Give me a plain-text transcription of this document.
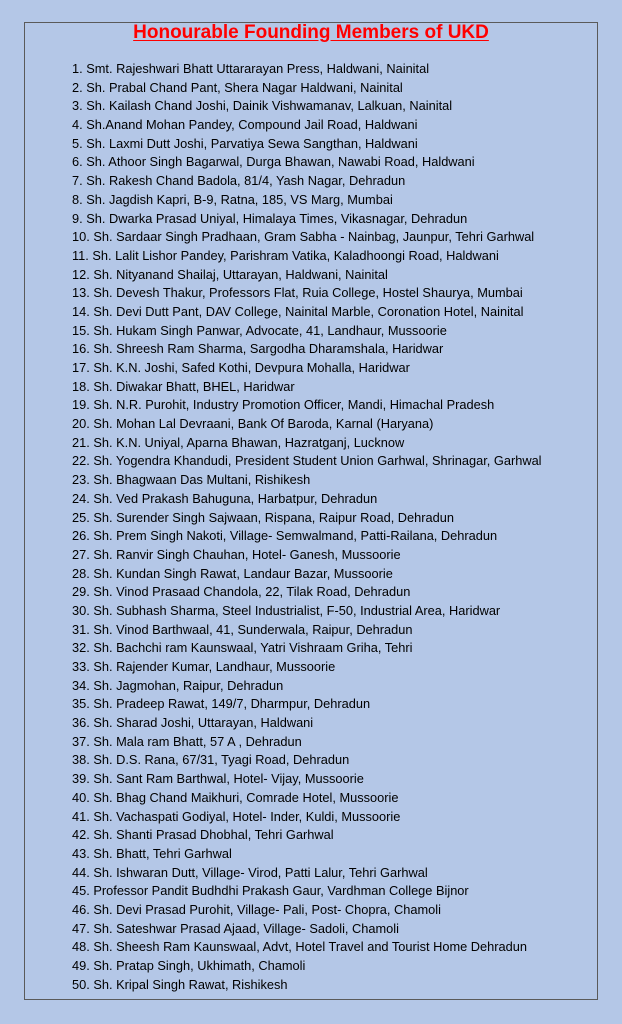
Honourable Founding Members of UKD
1. Smt. Rajeshwari Bhatt Uttararayan Press, Haldwani, Nainital
2. Sh. Prabal Chand Pant, Shera Nagar Haldwani, Nainital
3. Sh. Kailash Chand Joshi, Dainik Vishwamanav, Lalkuan, Nainital
4. Sh.Anand Mohan Pandey, Compound Jail Road, Haldwani
5. Sh. Laxmi Dutt Joshi, Parvatiya Sewa Sangthan, Haldwani
6. Sh. Athoor Singh Bagarwal, Durga Bhawan, Nawabi Road, Haldwani
7. Sh. Rakesh Chand Badola, 81/4, Yash Nagar, Dehradun
8. Sh. Jagdish Kapri, B-9, Ratna, 185, VS Marg, Mumbai
9. Sh. Dwarka Prasad Uniyal, Himalaya Times, Vikasnagar, Dehradun
10. Sh. Sardaar Singh Pradhaan, Gram Sabha - Nainbag, Jaunpur, Tehri Garhwal
11. Sh. Lalit Lishor Pandey, Parishram Vatika, Kaladhoongi Road, Haldwani
12. Sh. Nityanand Shailaj, Uttarayan, Haldwani, Nainital
13. Sh. Devesh Thakur, Professors Flat, Ruia College, Hostel Shaurya, Mumbai
14. Sh. Devi Dutt Pant, DAV College, Nainital Marble, Coronation Hotel, Nainital
15. Sh. Hukam Singh Panwar, Advocate, 41, Landhaur, Mussoorie
16. Sh. Shreesh Ram Sharma, Sargodha Dharamshala, Haridwar
17. Sh. K.N. Joshi, Safed Kothi, Devpura Mohalla, Haridwar
18. Sh. Diwakar Bhatt, BHEL, Haridwar
19. Sh. N.R. Purohit, Industry Promotion Officer, Mandi, Himachal Pradesh
20. Sh. Mohan Lal Devraani, Bank Of Baroda, Karnal (Haryana)
21. Sh. K.N. Uniyal, Aparna Bhawan, Hazratganj, Lucknow
22. Sh. Yogendra Khandudi, President Student Union Garhwal, Shrinagar, Garhwal
23. Sh. Bhagwaan Das Multani, Rishikesh
24. Sh. Ved Prakash Bahuguna, Harbatpur, Dehradun
25. Sh. Surender Singh Sajwaan, Rispana, Raipur Road, Dehradun
26. Sh. Prem Singh Nakoti, Village- Semwalmand, Patti-Railana, Dehradun
27. Sh. Ranvir Singh Chauhan, Hotel- Ganesh, Mussoorie
28. Sh. Kundan Singh Rawat, Landaur Bazar, Mussoorie
29. Sh. Vinod Prasaad Chandola, 22, Tilak Road, Dehradun
30. Sh. Subhash Sharma, Steel Industrialist, F-50, Industrial Area, Haridwar
31. Sh. Vinod Barthwaal, 41, Sunderwala, Raipur, Dehradun
32. Sh. Bachchi ram Kaunswaal, Yatri Vishraam Griha, Tehri
33. Sh. Rajender Kumar, Landhaur, Mussoorie
34. Sh. Jagmohan, Raipur, Dehradun
35. Sh. Pradeep Rawat, 149/7, Dharmpur, Dehradun
36. Sh. Sharad Joshi, Uttarayan, Haldwani
37. Sh. Mala ram Bhatt, 57 A , Dehradun
38. Sh. D.S. Rana, 67/31, Tyagi Road, Dehradun
39. Sh. Sant Ram Barthwal, Hotel- Vijay, Mussoorie
40. Sh. Bhag Chand Maikhuri, Comrade Hotel, Mussoorie
41. Sh. Vachaspati Godiyal, Hotel- Inder, Kuldi, Mussoorie
42. Sh. Shanti Prasad Dhobhal, Tehri Garhwal
43. Sh. Bhatt, Tehri Garhwal
44. Sh. Ishwaran Dutt, Village- Virod, Patti Lalur, Tehri Garhwal
45. Professor Pandit Budhdhi Prakash Gaur, Vardhman College Bijnor
46. Sh. Devi Prasad Purohit, Village- Pali, Post- Chopra, Chamoli
47. Sh. Sateshwar Prasad Ajaad, Village- Sadoli, Chamoli
48. Sh. Sheesh Ram Kaunswaal, Advt, Hotel Travel and Tourist Home Dehradun
49. Sh. Pratap Singh, Ukhimath, Chamoli
50. Sh. Kripal Singh Rawat, Rishikesh
